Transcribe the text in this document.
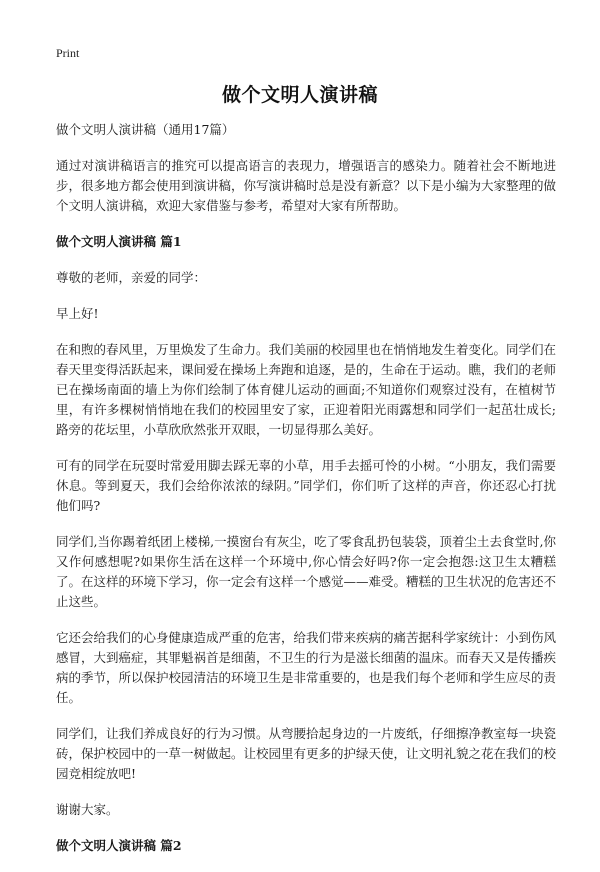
Print
做个文明人演讲稿

做个文明人演讲稿（通用17篇）

通过对演讲稿语言的推究可以提高语言的表现力，增强语言的感染力。随着社会不断地进步，很多地方都会使用到演讲稿，你写演讲稿时总是没有新意？以下是小编为大家整理的做个文明人演讲稿，欢迎大家借鉴与参考，希望对大家有所帮助。

做个文明人演讲稿 篇1

尊敬的老师，亲爱的同学：

早上好!

在和煦的春风里，万里焕发了生命力。我们美丽的校园里也在悄悄地发生着变化。同学们在春天里变得活跃起来，课间爱在操场上奔跑和追逐，是的，生命在于运动。瞧，我们的老师已在操场南面的墙上为你们绘制了体育健儿运动的画面;不知道你们观察过没有，在植树节里，有许多棵树悄悄地在我们的校园里安了家，正迎着阳光雨露想和同学们一起茁壮成长;路旁的花坛里，小草欣欣然张开双眼，一切显得那么美好。

可有的同学在玩耍时常爱用脚去踩无辜的小草，用手去摇可怜的小树。“小朋友，我们需要休息。等到夏天，我们会给你浓浓的绿阴。”同学们，你们听了这样的声音，你还忍心打扰他们吗?

同学们,当你踢着纸团上楼梯,一摸窗台有灰尘，吃了零食乱扔包装袋，顶着尘土去食堂时,你又作何感想呢?如果你生活在这样一个环境中,你心情会好吗?你一定会抱怨:这卫生太糟糕了。在这样的环境下学习，你一定会有这样一个感觉——难受。糟糕的卫生状况的危害还不止这些。

它还会给我们的心身健康造成严重的危害，给我们带来疾病的痛苦据科学家统计：小到伤风感冒，大到癌症，其罪魁祸首是细菌，不卫生的行为是滋长细菌的温床。而春天又是传播疾病的季节，所以保护校园清洁的环境卫生是非常重要的，也是我们每个老师和学生应尽的责任。

同学们，让我们养成良好的行为习惯。从弯腰拾起身边的一片废纸，仔细擦净教室每一块瓷砖，保护校园中的一草一树做起。让校园里有更多的护绿天使，让文明礼貌之花在我们的校园竞相绽放吧!

谢谢大家。

做个文明人演讲稿 篇2
